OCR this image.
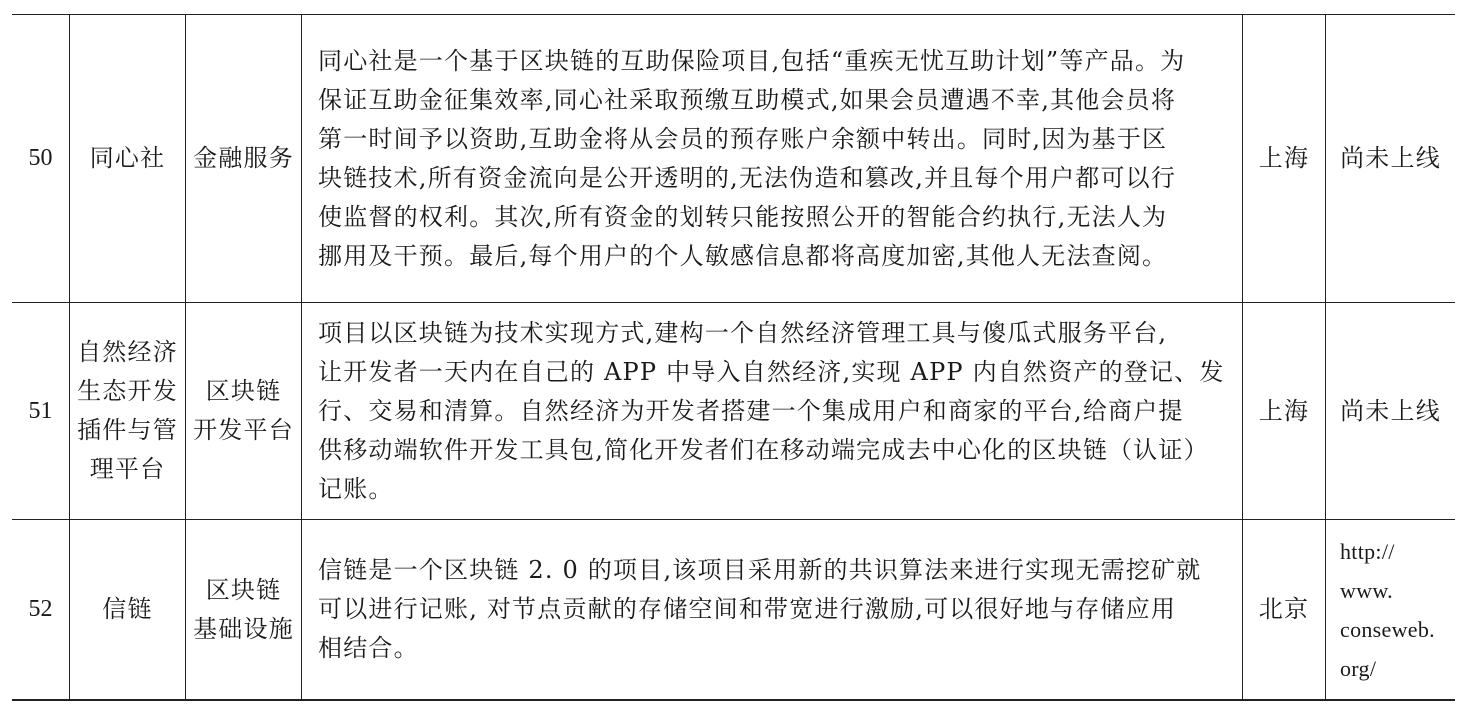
50 同心社 金融服务
同心社是一个基于区块链的互助保险项目,包括“重疾无忧互助计划”等产品。为
保证互助金征集效率,同心社采取预缴互助模式,如果会员遭遇不幸,其他会员将
第一时间予以资助,互助金将从会员的预存账户余额中转出。同时,因为基于区
块链技术,所有资金流向是公开透明的,无法伪造和篡改,并且每个用户都可以行
使监督的权利。其次,所有资金的划转只能按照公开的智能合约执行,无法人为
挪用及干预。最后,每个用户的个人敏感信息都将高度加密,其他人无法查阅。
上海 尚未上线
51
自然经济
生态开发
插件与管
理平台
区块链
开发平台
项目以区块链为技术实现方式,建构一个自然经济管理工具与傻瓜式服务平台,
让开发者一天内在自己的 APP 中导入自然经济,实现 APP 内自然资产的登记、发
行、交易和清算。自然经济为开发者搭建一个集成用户和商家的平台,给商户提
供移动端软件开发工具包,简化开发者们在移动端完成去中心化的区块链（认证）
记账。
上海 尚未上线
52 信链
区块链
基础设施
信链是一个区块链 2. 0 的项目,该项目采用新的共识算法来进行实现无需挖矿就
可以进行记账, 对节点贡献的存储空间和带宽进行激励,可以很好地与存储应用
相结合。
北京
http://
www.
conseweb.
org/
